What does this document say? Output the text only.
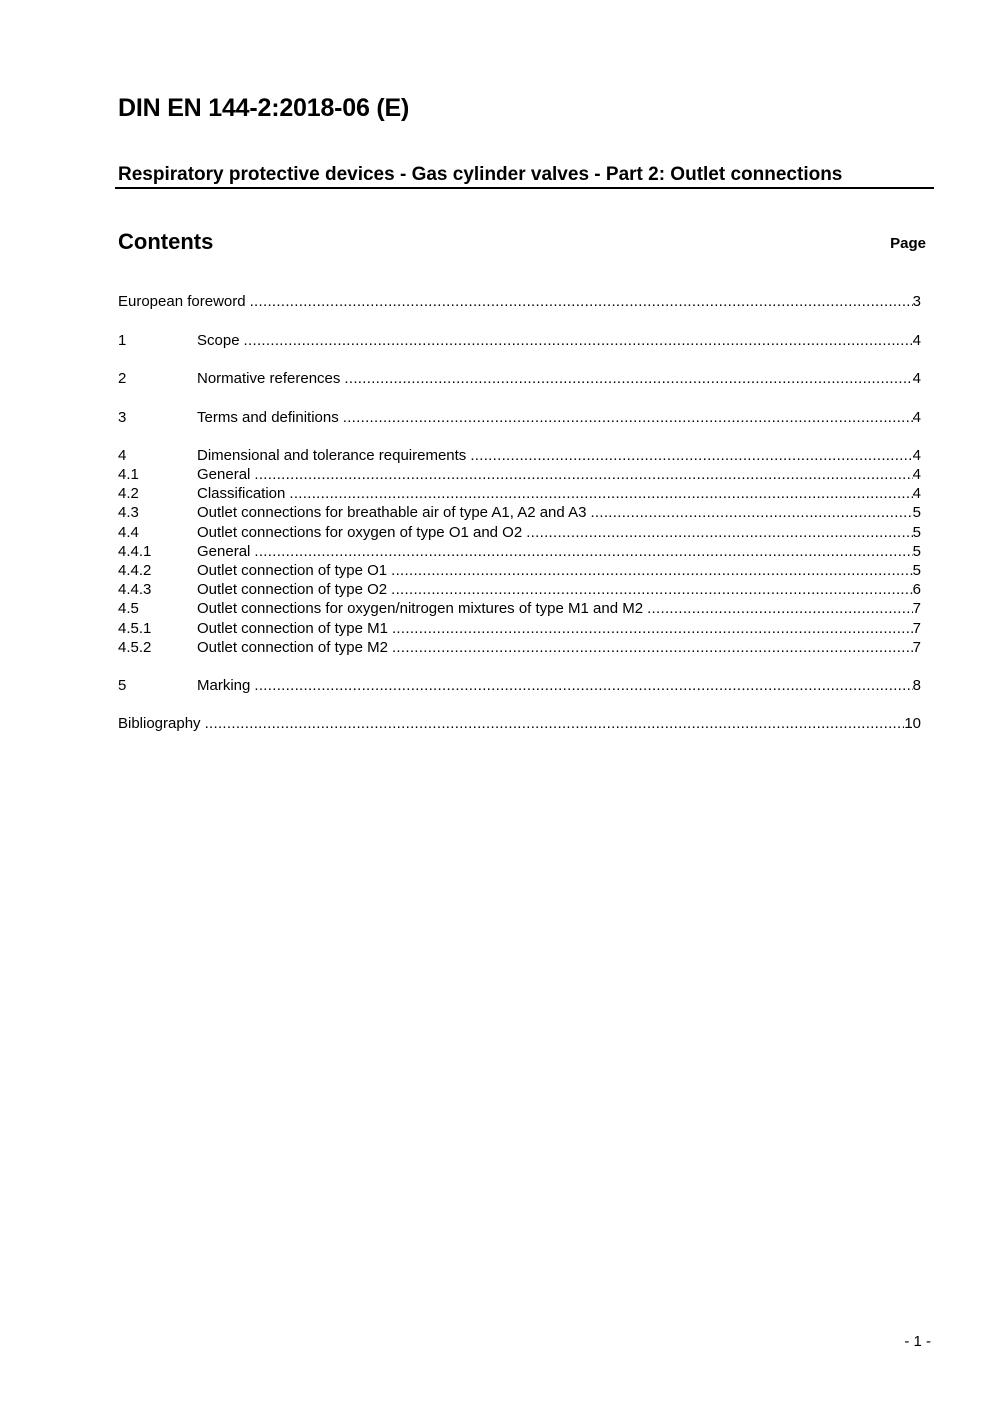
DIN EN 144-2:2018-06 (E)
Respiratory protective devices - Gas cylinder valves - Part 2: Outlet connections
Contents	Page
European foreword .....	3
1	Scope .....	4
2	Normative references .....	4
3	Terms and definitions .....	4
4	Dimensional and tolerance requirements .....	4
4.1	General .....	4
4.2	Classification .....	4
4.3	Outlet connections for breathable air of type A1, A2 and A3 .....	5
4.4	Outlet connections for oxygen of type O1 and O2 .....	5
4.4.1	General .....	5
4.4.2	Outlet connection of type O1 .....	5
4.4.3	Outlet connection of type O2 .....	6
4.5	Outlet connections for oxygen/nitrogen mixtures of type M1 and M2 .....	7
4.5.1	Outlet connection of type M1 .....	7
4.5.2	Outlet connection of type M2 .....	7
5	Marking .....	8
Bibliography .....	10
- 1 -
